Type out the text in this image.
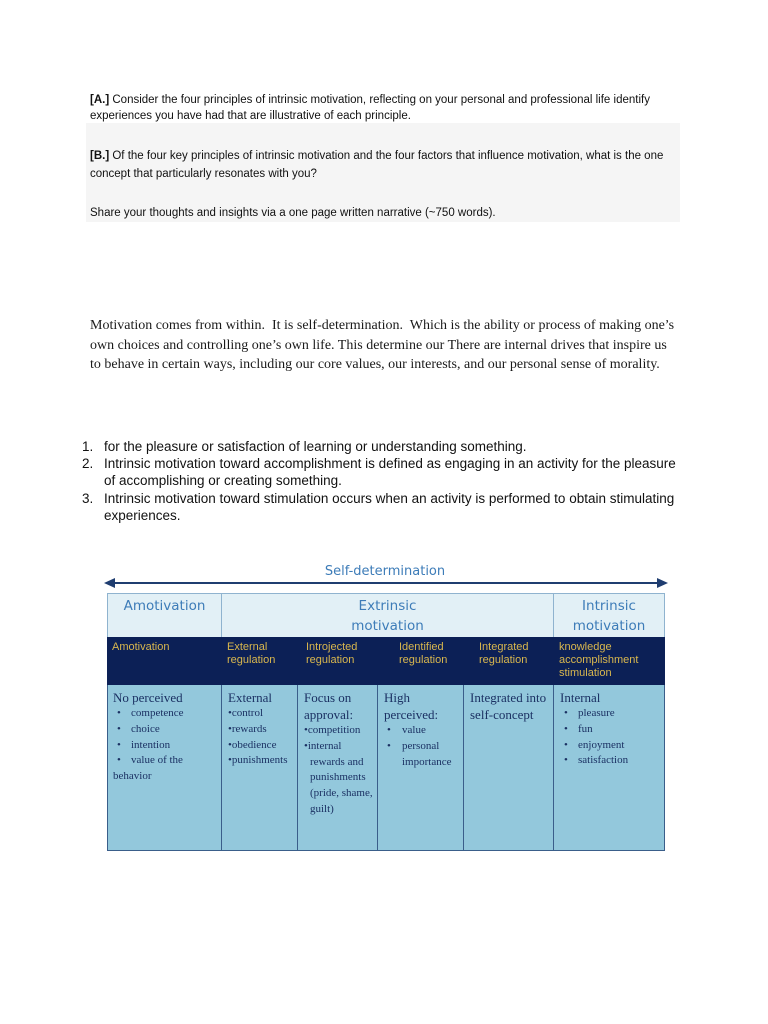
[A.] Consider the four principles of intrinsic motivation, reflecting on your personal and professional life identify experiences you have had that are illustrative of each principle.

[B.] Of the four key principles of intrinsic motivation and the four factors that influence motivation, what is the one concept that particularly resonates with you?

Share your thoughts and insights via a one page written narrative (~750 words).

Motivation comes from within.  It is self-determination.  Which is the ability or process of making one’s own choices and controlling one’s own life. This determine our There are internal drives that inspire us to behave in certain ways, including our core values, our interests, and our personal sense of morality.

1. for the pleasure or satisfaction of learning or understanding something.
2. Intrinsic motivation toward accomplishment is defined as engaging in an activity for the pleasure of accomplishing or creating something.
3. Intrinsic motivation toward stimulation occurs when an activity is performed to obtain stimulating experiences.
Self-determination
Amotivation	Extrinsic motivation
Intrinsic motivation
Amotivation	External regulation
Introjected regulation
Identified regulation
Integrated regulation
knowledge accomplishment stimulation
No perceived
• competence
• choice
• intention
• value of the behavior
External
• control
• rewards
• obedience
• punishments
Focus on approval:
• competition
• internal rewards and punishments (pride, shame, guilt)
High perceived:
• value
• personal importance
Integrated into self-concept
Internal
• pleasure
• fun
• enjoyment
• satisfaction
